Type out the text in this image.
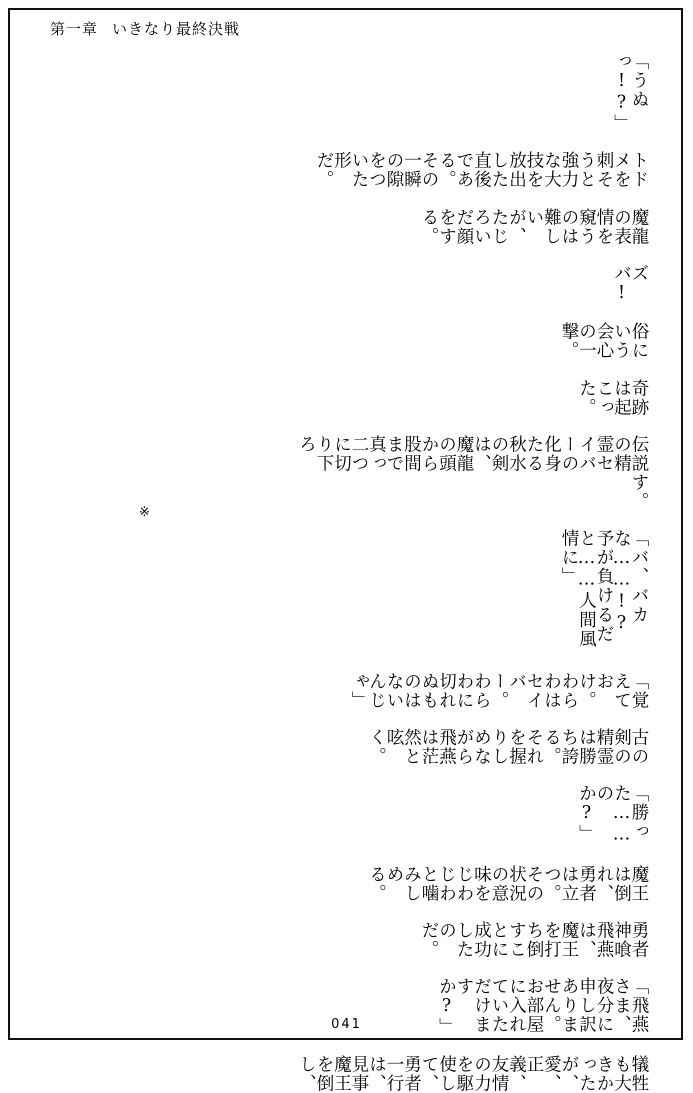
第一章 いきなり最終決戦
「うぬっ!?」
トドメを刺そうと強力な大技を放出した直後である。その一瞬の隙をついた形だ。
魔龍の表情を窺うのは難しいが、たじろいだ顔をする。
ズバ!
俗にいう会心の一撃。
奇跡は起こった。
伝説の精霊セイバーの化身たる秋水の剣は、魔龍の頭から股間まで真っ二つに切り下ろ
す。
「バ、バカな……!?　予が負けるだと……人間風情に」
「覚えておけ。わらわはセイバー。わらわに切れぬものはないんじゃ」
古の剣の精霊は勝ち誇る。それを握りしめながら飛燕は茫然と呟く。
「勝った……のか?」
魔王は倒れ、勇者は立つ。その状況の意味をじわじわと噛みしめる。
勇者神喰飛燕は、魔王を打ち倒すことに成功したのだ。
「飛燕さま、夜分に申し訳ありません。お部屋に入れていただけますか?」
犠牲も大きかったが、愛、正義、友情の力を駆使して、勇者一行は、見事魔王を倒し、
※
041
